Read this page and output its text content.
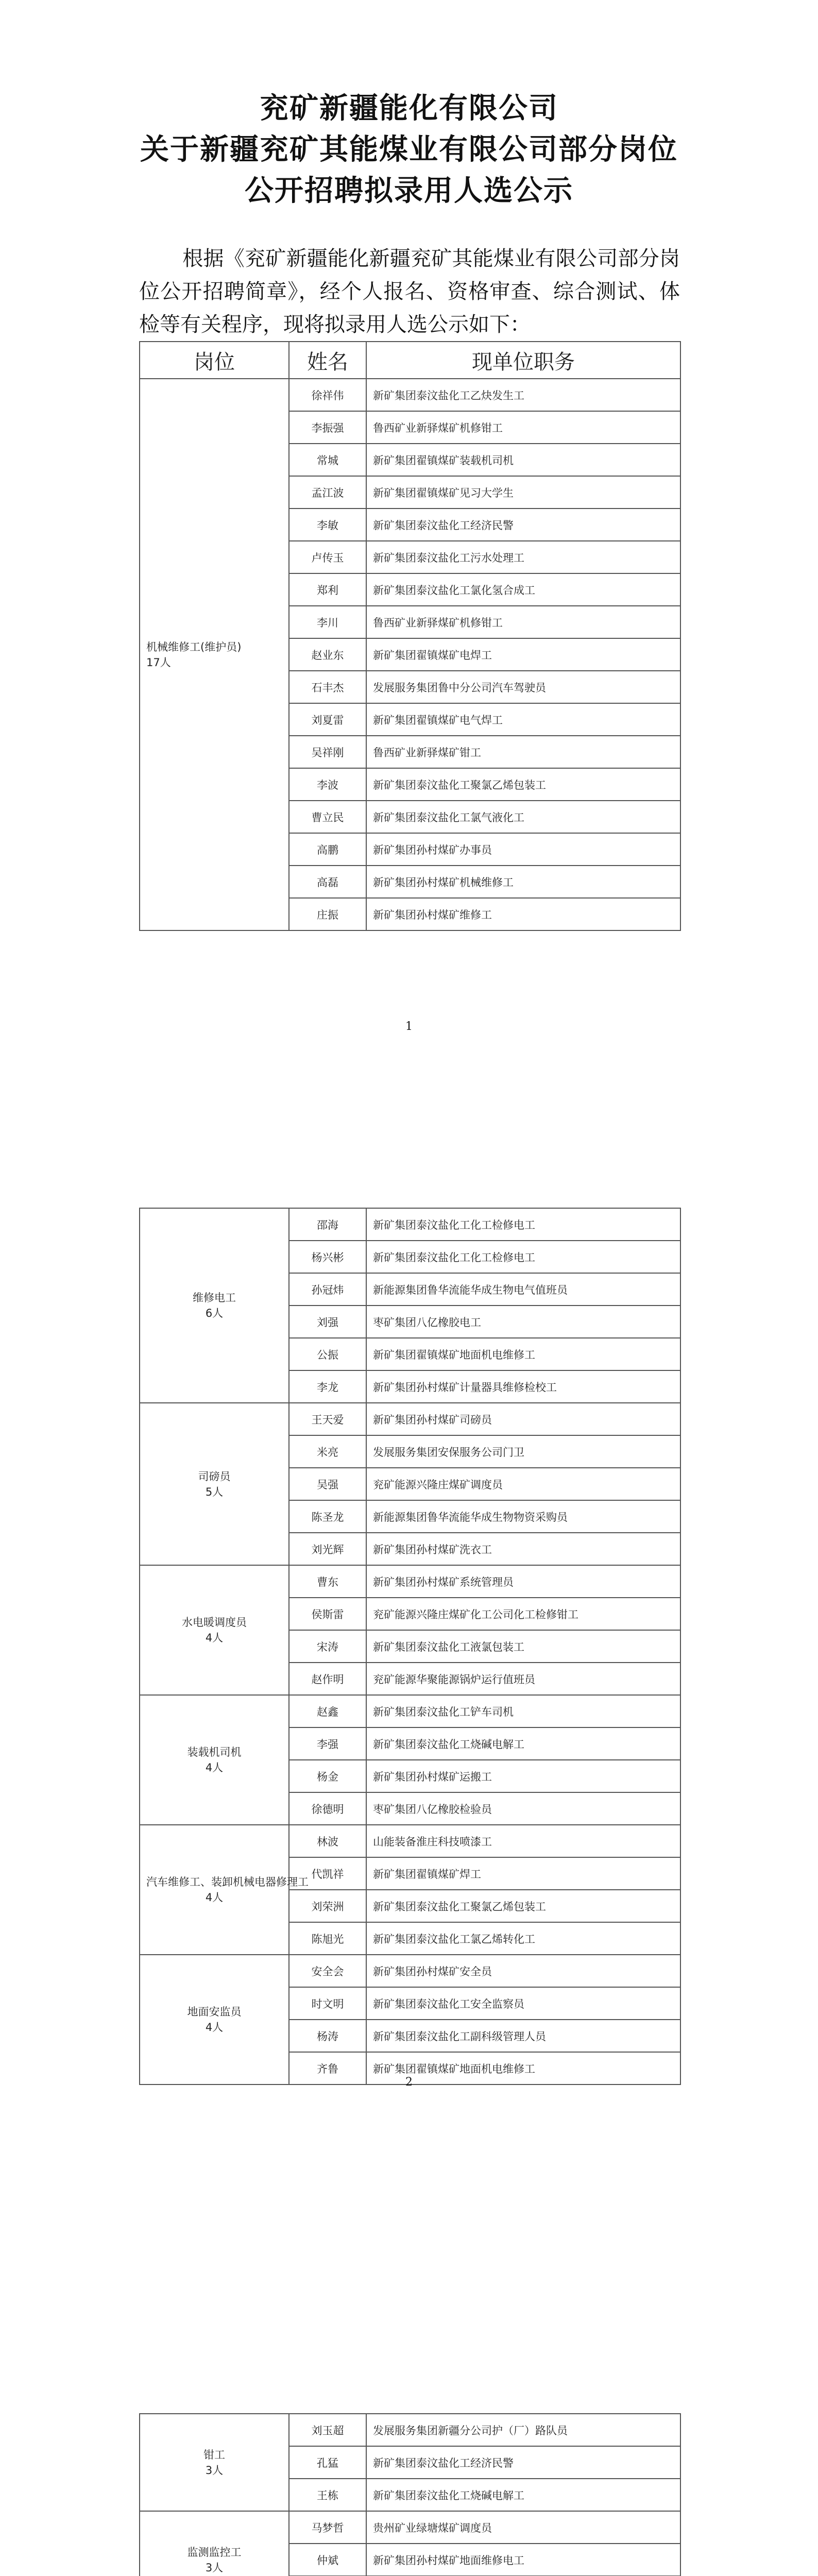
兖矿新疆能化有限公司
关于新疆兖矿其能煤业有限公司部分岗位
公开招聘拟录用人选公示
根据《兖矿新疆能化新疆兖矿其能煤业有限公司部分岗位公开招聘简章》，经个人报名、资格审查、综合测试、体检等有关程序，现将拟录用人选公示如下：
岗位	姓名	现单位职务
机械维修工(维护员)
17人	徐祥伟	新矿集团泰汶盐化工乙炔发生工
	李振强	鲁西矿业新驿煤矿机修钳工
	常城	新矿集团翟镇煤矿装载机司机
	孟江波	新矿集团翟镇煤矿见习大学生
	李敏	新矿集团泰汶盐化工经济民警
	卢传玉	新矿集团泰汶盐化工污水处理工
	郑利	新矿集团泰汶盐化工氯化氢合成工
	李川	鲁西矿业新驿煤矿机修钳工
	赵业东	新矿集团翟镇煤矿电焊工
	石丰杰	发展服务集团鲁中分公司汽车驾驶员
	刘夏雷	新矿集团翟镇煤矿电气焊工
	吴祥刚	鲁西矿业新驿煤矿钳工
	李波	新矿集团泰汶盐化工聚氯乙烯包装工
	曹立民	新矿集团泰汶盐化工氯气液化工
	高鹏	新矿集团孙村煤矿办事员
	高磊	新矿集团孙村煤矿机械维修工
	庄振	新矿集团孙村煤矿维修工
1
维修电工
6人	邵海	新矿集团泰汶盐化工化工检修电工
	杨兴彬	新矿集团泰汶盐化工化工检修电工
	孙冠炜	新能源集团鲁华流能华成生物电气值班员
	刘强	枣矿集团八亿橡胶电工
	公振	新矿集团翟镇煤矿地面机电维修工
	李龙	新矿集团孙村煤矿计量器具维修检校工
司磅员
5人	王天爱	新矿集团孙村煤矿司磅员
	米亮	发展服务集团安保服务公司门卫
	吴强	兖矿能源兴隆庄煤矿调度员
	陈圣龙	新能源集团鲁华流能华成生物物资采购员
	刘光辉	新矿集团孙村煤矿洗衣工
水电暖调度员
4人	曹东	新矿集团孙村煤矿系统管理员
	侯斯雷	兖矿能源兴隆庄煤矿化工公司化工检修钳工
	宋涛	新矿集团泰汶盐化工液氯包装工
	赵作明	兖矿能源华聚能源锅炉运行值班员
装载机司机
4人	赵鑫	新矿集团泰汶盐化工铲车司机
	李强	新矿集团泰汶盐化工烧碱电解工
	杨金	新矿集团孙村煤矿运搬工
	徐德明	枣矿集团八亿橡胶检验员
汽车维修工、装卸机械电器修理工
4人	林波	山能装备淮庄科技喷漆工
	代凯祥	新矿集团翟镇煤矿焊工
	刘荣洲	新矿集团泰汶盐化工聚氯乙烯包装工
	陈旭光	新矿集团泰汶盐化工氯乙烯转化工
地面安监员
4人	安全会	新矿集团孙村煤矿安全员
	时文明	新矿集团泰汶盐化工安全监察员
	杨涛	新矿集团泰汶盐化工副科级管理人员
	齐鲁	新矿集团翟镇煤矿地面机电维修工
2
钳工
3人	刘玉超	发展服务集团新疆分公司护（厂）路队员
	孔猛	新矿集团泰汶盐化工经济民警
	王栋	新矿集团泰汶盐化工烧碱电解工
监测监控工
3人	马梦哲	贵州矿业绿塘煤矿调度员
	仲斌	新矿集团孙村煤矿地面维修电工
